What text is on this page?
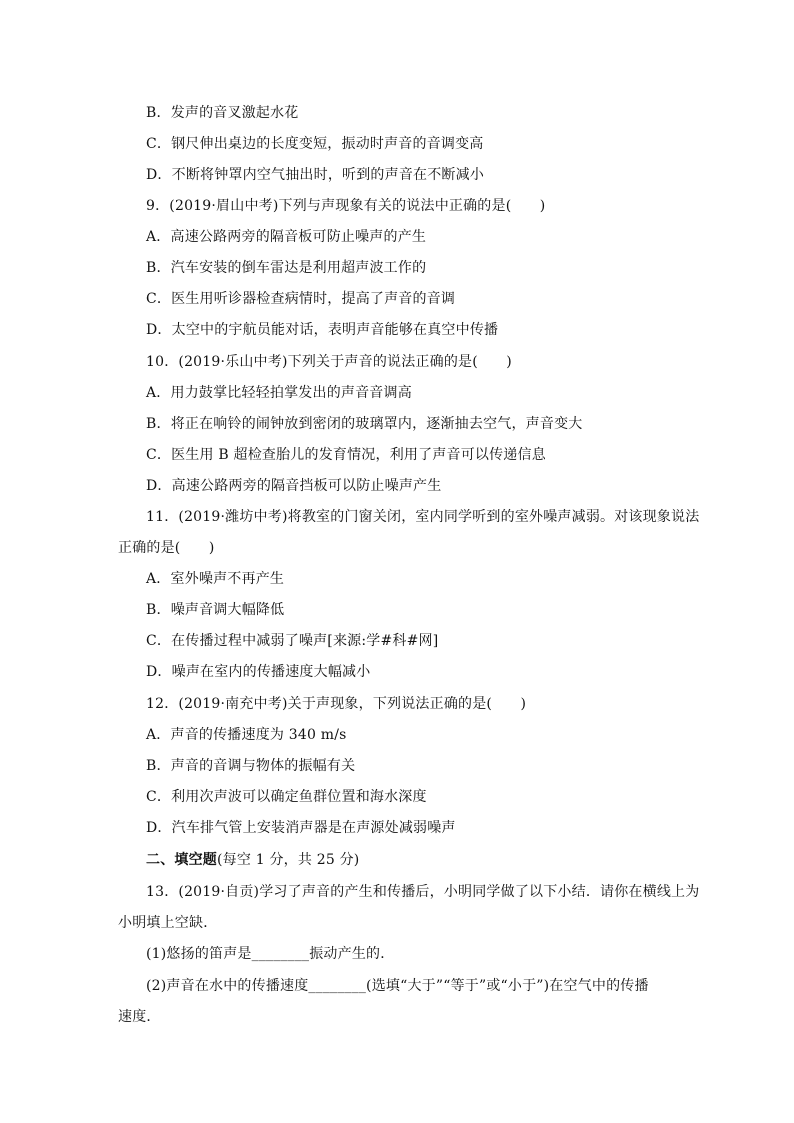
B．发声的音叉激起水花
C．钢尺伸出桌边的长度变短，振动时声音的音调变高
D．不断将钟罩内空气抽出时，听到的声音在不断减小
9．(2019·眉山中考)下列与声现象有关的说法中正确的是(　　)
A．高速公路两旁的隔音板可防止噪声的产生
B．汽车安装的倒车雷达是利用超声波工作的
C．医生用听诊器检查病情时，提高了声音的音调
D．太空中的宇航员能对话，表明声音能够在真空中传播
10．(2019·乐山中考)下列关于声音的说法正确的是(　　)
A．用力鼓掌比轻轻拍掌发出的声音音调高
B．将正在响铃的闹钟放到密闭的玻璃罩内，逐渐抽去空气，声音变大
C．医生用 B 超检查胎儿的发育情况，利用了声音可以传递信息
D．高速公路两旁的隔音挡板可以防止噪声产生
11．(2019·潍坊中考)将教室的门窗关闭，室内同学听到的室外噪声减弱。对该现象说法
正确的是(　　)
A．室外噪声不再产生
B．噪声音调大幅降低
C．在传播过程中减弱了噪声[来源:学#科#网]
D．噪声在室内的传播速度大幅减小
12．(2019·南充中考)关于声现象，下列说法正确的是(　　)
A．声音的传播速度为 340 m/s
B．声音的音调与物体的振幅有关
C．利用次声波可以确定鱼群位置和海水深度
D．汽车排气管上安装消声器是在声源处减弱噪声
二、填空题(每空 1 分，共 25 分)
13．(2019·自贡)学习了声音的产生和传播后，小明同学做了以下小结．请你在横线上为
小明填上空缺．
(1)悠扬的笛声是________振动产生的．
(2)声音在水中的传播速度________(选填“大于”“等于”或“小于”)在空气中的传播
速度．
